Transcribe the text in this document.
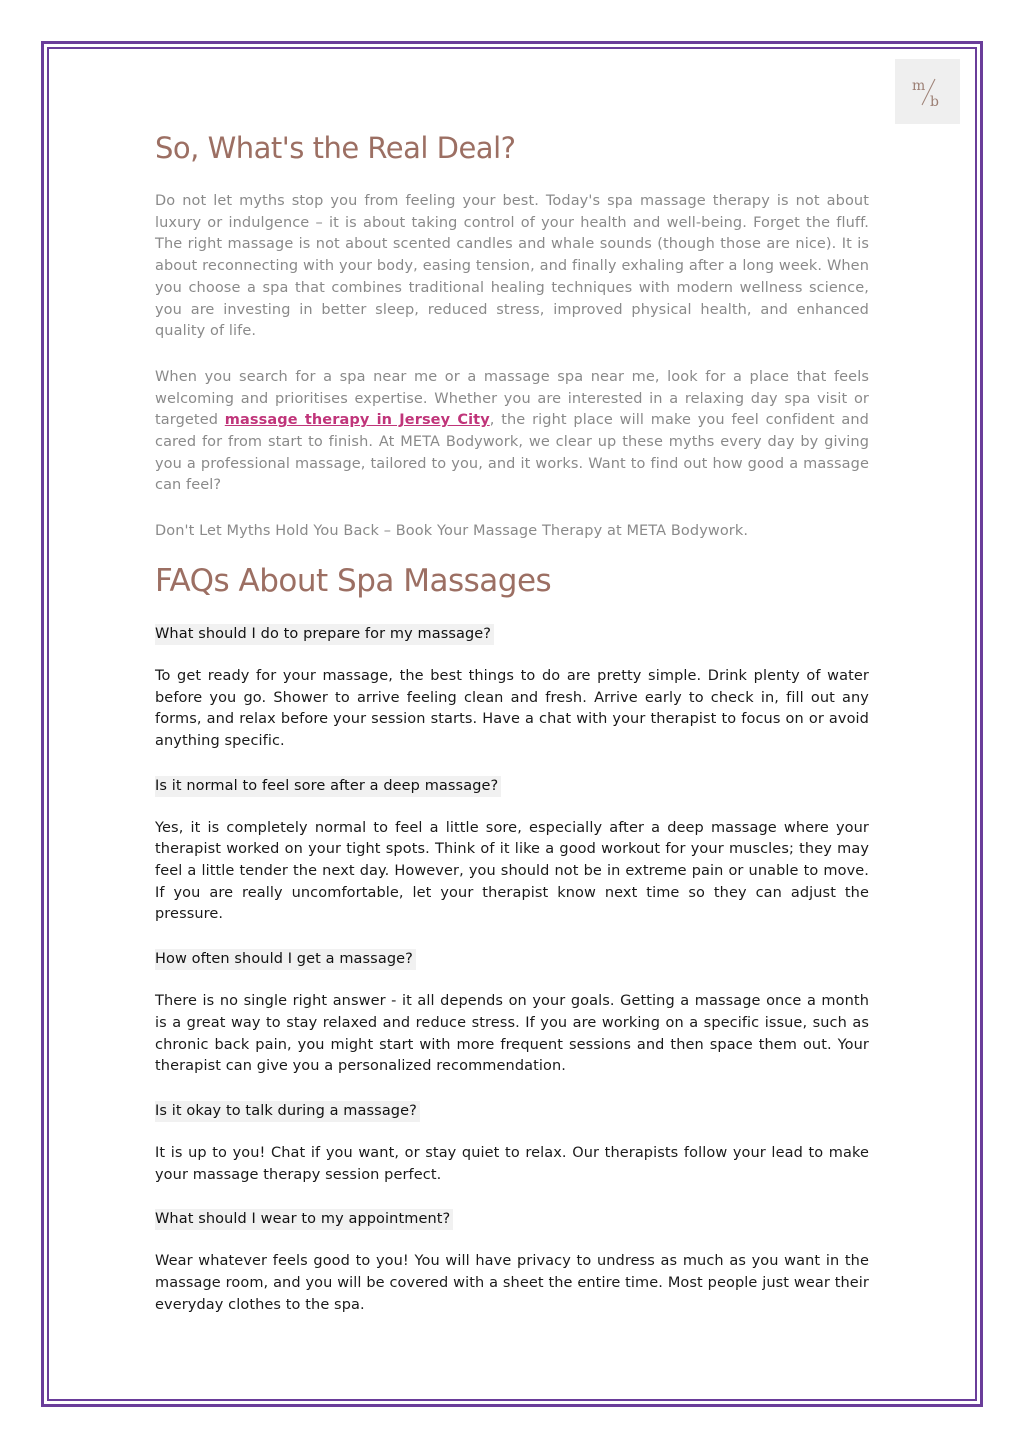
m
b
So, What's the Real Deal?

Do not let myths stop you from feeling your best. Today's spa massage therapy is not about luxury or indulgence – it is about taking control of your health and well-being. Forget the fluff. The right massage is not about scented candles and whale sounds (though those are nice). It is about reconnecting with your body, easing tension, and finally exhaling after a long week. When you choose a spa that combines traditional healing techniques with modern wellness science, you are investing in better sleep, reduced stress, improved physical health, and enhanced quality of life.

When you search for a spa near me or a massage spa near me, look for a place that feels welcoming and prioritises expertise. Whether you are interested in a relaxing day spa visit or targeted massage therapy in Jersey City, the right place will make you feel confident and cared for from start to finish. At META Bodywork, we clear up these myths every day by giving you a professional massage, tailored to you, and it works. Want to find out how good a massage can feel?

Don't Let Myths Hold You Back – Book Your Massage Therapy at META Bodywork.

FAQs About Spa Massages
What should I do to prepare for my massage?

To get ready for your massage, the best things to do are pretty simple. Drink plenty of water before you go. Shower to arrive feeling clean and fresh. Arrive early to check in, fill out any forms, and relax before your session starts. Have a chat with your therapist to focus on or avoid anything specific.

Is it normal to feel sore after a deep massage?

Yes, it is completely normal to feel a little sore, especially after a deep massage where your therapist worked on your tight spots. Think of it like a good workout for your muscles; they may feel a little tender the next day. However, you should not be in extreme pain or unable to move. If you are really uncomfortable, let your therapist know next time so they can adjust the pressure.

How often should I get a massage?

There is no single right answer - it all depends on your goals. Getting a massage once a month is a great way to stay relaxed and reduce stress. If you are working on a specific issue, such as chronic back pain, you might start with more frequent sessions and then space them out. Your therapist can give you a personalized recommendation.

Is it okay to talk during a massage?

It is up to you! Chat if you want, or stay quiet to relax. Our therapists follow your lead to make your massage therapy session perfect.

What should I wear to my appointment?

Wear whatever feels good to you! You will have privacy to undress as much as you want in the massage room, and you will be covered with a sheet the entire time. Most people just wear their everyday clothes to the spa.
